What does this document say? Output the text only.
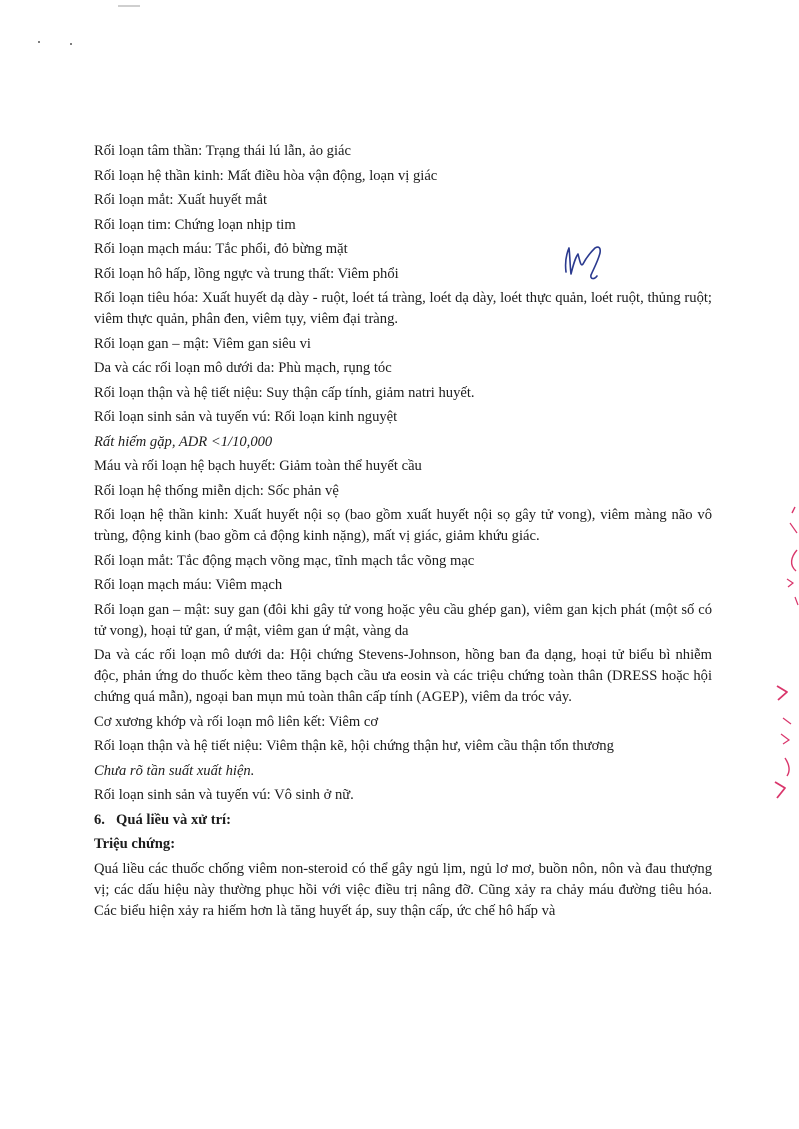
Rối loạn tâm thần: Trạng thái lú lẫn, ảo giác

Rối loạn hệ thần kinh: Mất điều hòa vận động, loạn vị giác

Rối loạn mắt: Xuất huyết mắt

Rối loạn tim: Chứng loạn nhịp tim

Rối loạn mạch máu: Tắc phổi, đỏ bừng mặt

Rối loạn hô hấp, lồng ngực và trung thất: Viêm phổi

Rối loạn tiêu hóa: Xuất huyết dạ dày - ruột, loét tá tràng, loét dạ dày, loét thực quản, loét ruột, thủng ruột; viêm thực quản, phân đen, viêm tụy, viêm đại tràng.

Rối loạn gan – mật: Viêm gan siêu vi

Da và các rối loạn mô dưới da: Phù mạch, rụng tóc

Rối loạn thận và hệ tiết niệu: Suy thận cấp tính, giảm natri huyết.

Rối loạn sinh sản và tuyến vú: Rối loạn kinh nguyệt

Rất hiếm gặp, ADR <1/10,000

Máu và rối loạn hệ bạch huyết: Giảm toàn thể huyết cầu

Rối loạn hệ thống miễn dịch: Sốc phản vệ

Rối loạn hệ thần kinh: Xuất huyết nội sọ (bao gồm xuất huyết nội sọ gây tử vong), viêm màng não vô trùng, động kinh (bao gồm cả động kinh nặng), mất vị giác, giảm khứu giác.

Rối loạn mắt: Tắc động mạch võng mạc, tĩnh mạch tắc võng mạc

Rối loạn mạch máu: Viêm mạch

Rối loạn gan – mật: suy gan (đôi khi gây tử vong hoặc yêu cầu ghép gan), viêm gan kịch phát (một số có tử vong), hoại tử gan, ứ mật, viêm gan ứ mật, vàng da

Da và các rối loạn mô dưới da: Hội chứng Stevens-Johnson, hồng ban đa dạng, hoại tử biểu bì nhiễm độc, phản ứng do thuốc kèm theo tăng bạch cầu ưa eosin và các triệu chứng toàn thân (DRESS hoặc hội chứng quá mẫn), ngoại ban mụn mủ toàn thân cấp tính (AGEP), viêm da tróc vảy.

Cơ xương khớp và rối loạn mô liên kết: Viêm cơ

Rối loạn thận và hệ tiết niệu: Viêm thận kẽ, hội chứng thận hư, viêm cầu thận tổn thương

Chưa rõ tần suất xuất hiện.

Rối loạn sinh sản và tuyến vú: Vô sinh ở nữ.

6. Quá liều và xử trí:

Triệu chứng:

Quá liều các thuốc chống viêm non-steroid có thể gây ngủ lịm, ngủ lơ mơ, buồn nôn, nôn và đau thượng vị; các dấu hiệu này thường phục hồi với việc điều trị nâng đỡ. Cũng xảy ra chảy máu đường tiêu hóa. Các biểu hiện xảy ra hiếm hơn là tăng huyết áp, suy thận cấp, ức chế hô hấp và
